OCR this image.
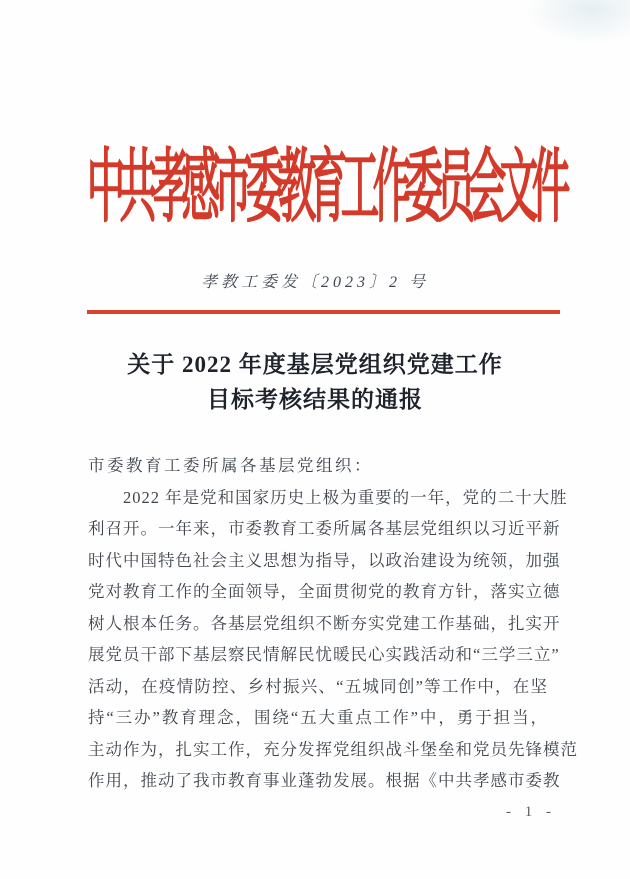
中
共
孝
感
市
委
教
育
工
作
委
员
会
文
件
孝教工委发〔2023〕2 号
关于 2022 年度基层党组织党建工作
目标考核结果的通报
市委教育工委所属各基层党组织：
　　2022 年是党和国家历史上极为重要的一年，党的二十大胜
利召开。一年来，市委教育工委所属各基层党组织以习近平新
时代中国特色社会主义思想为指导，以政治建设为统领，加强
党对教育工作的全面领导，全面贯彻党的教育方针，落实立德
树人根本任务。各基层党组织不断夯实党建工作基础，扎实开
展党员干部下基层察民情解民忧暖民心实践活动和“三学三立”
活动，在疫情防控、乡村振兴、“五城同创”等工作中，在坚
持“三办”教育理念，围绕“五大重点工作”中，勇于担当，
主动作为，扎实工作，充分发挥党组织战斗堡垒和党员先锋模范
作用，推动了我市教育事业蓬勃发展。根据《中共孝感市委教
- 1 -
